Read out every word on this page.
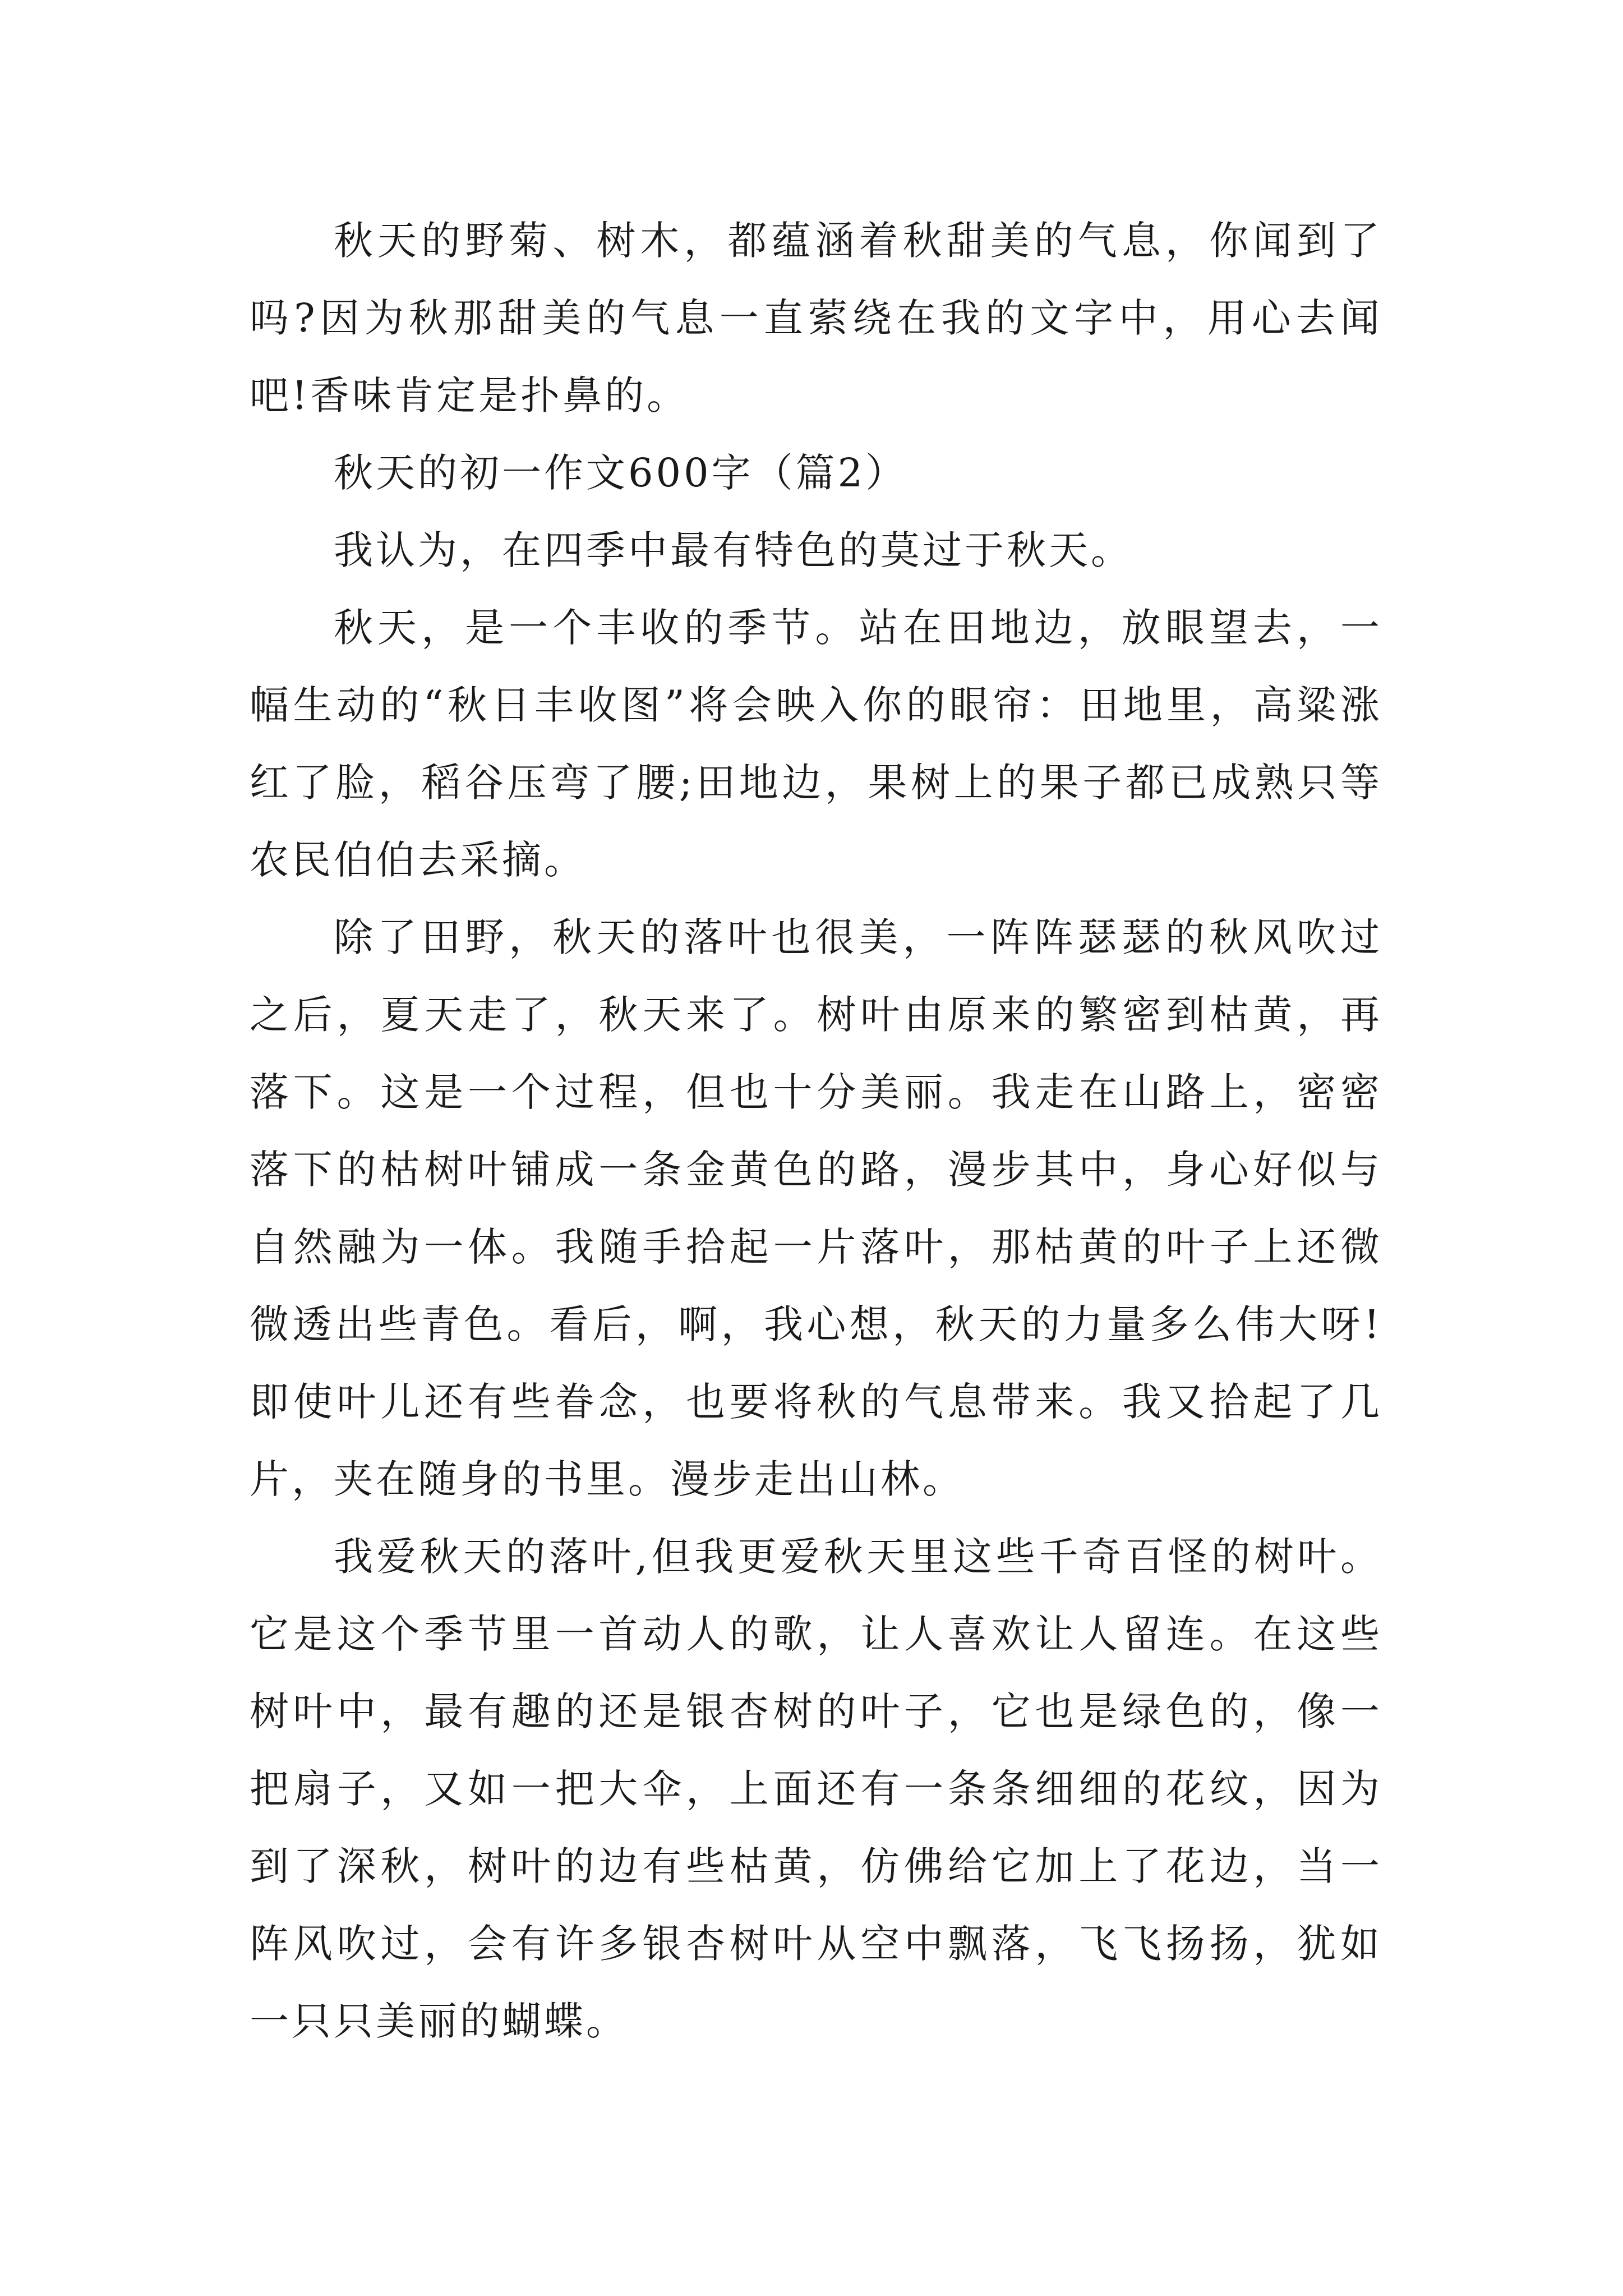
秋天的野菊、树木，都蕴涵着秋甜美的气息，你闻到了吗?因为秋那甜美的气息一直萦绕在我的文字中，用心去闻吧!香味肯定是扑鼻的。

秋天的初一作文600字（篇2）

我认为，在四季中最有特色的莫过于秋天。

秋天，是一个丰收的季节。站在田地边，放眼望去，一幅生动的“秋日丰收图”将会映入你的眼帘：田地里，高粱涨红了脸，稻谷压弯了腰;田地边，果树上的果子都已成熟只等农民伯伯去采摘。

除了田野，秋天的落叶也很美，一阵阵瑟瑟的秋风吹过之后，夏天走了，秋天来了。树叶由原来的繁密到枯黄，再落下。这是一个过程，但也十分美丽。我走在山路上，密密落下的枯树叶铺成一条金黄色的路，漫步其中，身心好似与自然融为一体。我随手拾起一片落叶，那枯黄的叶子上还微微透出些青色。看后，啊，我心想，秋天的力量多么伟大呀!即使叶儿还有些眷念，也要将秋的气息带来。我又拾起了几片，夹在随身的书里。漫步走出山林。

我爱秋天的落叶,但我更爱秋天里这些千奇百怪的树叶。它是这个季节里一首动人的歌，让人喜欢让人留连。在这些树叶中，最有趣的还是银杏树的叶子，它也是绿色的，像一把扇子，又如一把大伞，上面还有一条条细细的花纹，因为到了深秋，树叶的边有些枯黄，仿佛给它加上了花边，当一阵风吹过，会有许多银杏树叶从空中飘落，飞飞扬扬，犹如一只只美丽的蝴蝶。
